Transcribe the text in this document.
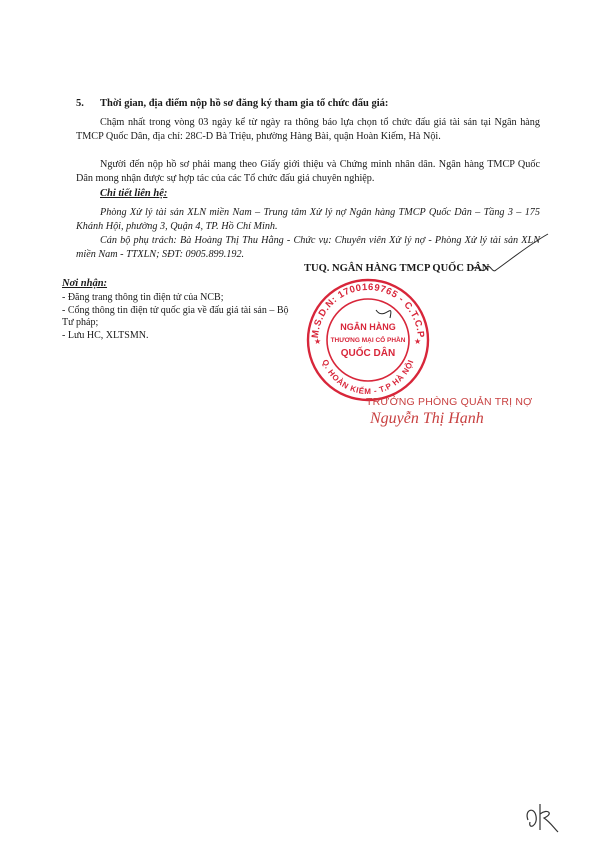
5. Thời gian, địa điểm nộp hồ sơ đăng ký tham gia tổ chức đấu giá:
Chậm nhất trong vòng 03 ngày kể từ ngày ra thông báo lựa chọn tổ chức đấu giá tài sản tại Ngân hàng TMCP Quốc Dân, địa chỉ: 28C-D Bà Triệu, phường Hàng Bài, quận Hoàn Kiếm, Hà Nội.
Người đến nộp hồ sơ phải mang theo Giấy giới thiệu và Chứng minh nhân dân. Ngân hàng TMCP Quốc Dân mong nhận được sự hợp tác của các Tổ chức đấu giá chuyên nghiệp.
Chi tiết liên hệ:
Phòng Xử lý tài sản XLN miền Nam – Trung tâm Xử lý nợ Ngân hàng TMCP Quốc Dân – Tầng 3 – 175 Khánh Hội, phường 3, Quận 4, TP. Hồ Chí Minh.
Cán bộ phụ trách: Bà Hoàng Thị Thu Hằng - Chức vụ: Chuyên viên Xử lý nợ - Phòng Xử lý tài sản XLN miền Nam - TTXLN; SĐT: 0905.899.192.
Nơi nhận:
- Đăng trang thông tin điện tử của NCB;
- Cổng thông tin điện tử quốc gia về đấu giá tài sản – Bộ Tư pháp;
- Lưu HC, XLTSMN.
TUQ. NGÂN HÀNG TMCP QUỐC DÂN
M.S.D.N: 1700169765 - C.T.C.P
Q. HOÀN KIẾM - T.P HÀ NỘI
NGÂN HÀNG
THƯƠNG MẠI CỔ PHẦN
QUỐC DÂN
★	★
TRƯỞNG PHÒNG QUẢN TRỊ NỢ
Nguyễn Thị Hạnh
